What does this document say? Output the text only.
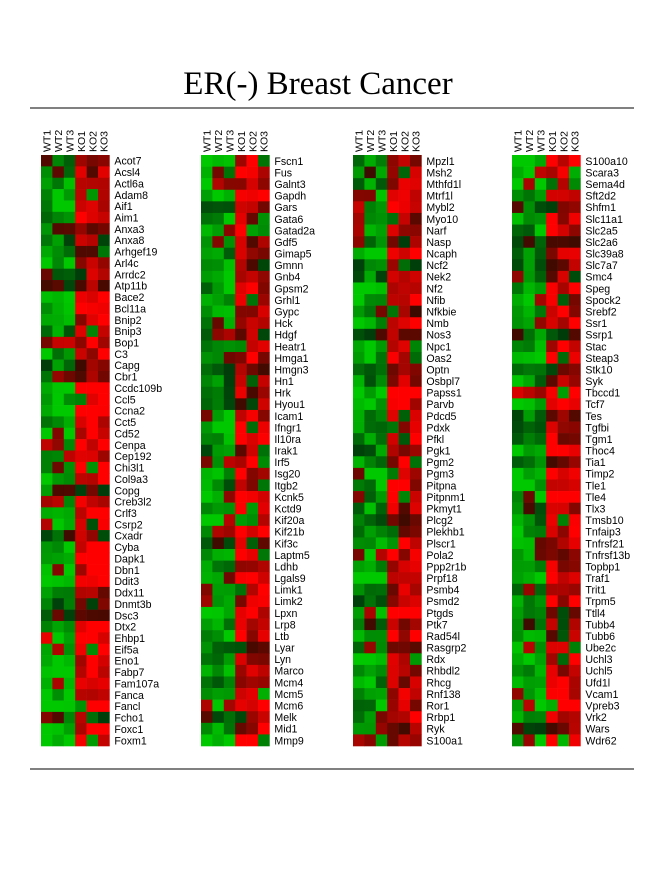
ER(-) Breast Cancer
WT1 WT2 WT3 KO1 KO2 KO3
Acot7
Acsl4
Actl6a
Adam8
Aif1
Aim1
Anxa3
Anxa8
Arhgef19
Arl4c
Arrdc2
Atp11b
Bace2
Bcl11a
Bnip2
Bnip3
Bop1
C3
Capg
Cbr1
Ccdc109b
Ccl5
Ccna2
Cct5
Cd52
Cenpa
Cep192
Chi3l1
Col9a3
Copg
Creb3l2
Crlf3
Csrp2
Cxadr
Cyba
Dapk1
Dbn1
Ddit3
Ddx11
Dnmt3b
Dsc3
Dtx2
Ehbp1
Eif5a
Eno1
Fabp7
Fam107a
Fanca
Fancl
Fcho1
Foxc1
Foxm1
WT1 WT2 WT3 KO1 KO2 KO3
Fscn1
Fus
Galnt3
Gapdh
Gars
Gata6
Gatad2a
Gdf5
Gimap5
Gmnn
Gnb4
Gpsm2
Grhl1
Gypc
Hck
Hdgf
Heatr1
Hmga1
Hmgn3
Hn1
Hrk
Hyou1
Icam1
Ifngr1
Il10ra
Irak1
Irf5
Isg20
Itgb2
Kcnk5
Kctd9
Kif20a
Kif21b
Kif3c
Laptm5
Ldhb
Lgals9
Limk1
Limk2
Lpxn
Lrp8
Ltb
Lyar
Lyn
Marco
Mcm4
Mcm5
Mcm6
Melk
Mid1
Mmp9
WT1 WT2 WT3 KO1 KO2 KO3
Mpzl1
Msh2
Mthfd1l
Mtrf1l
Mybl2
Myo10
Narf
Nasp
Ncaph
Ncf2
Nek2
Nf2
Nfib
Nfkbie
Nmb
Nos3
Npc1
Oas2
Optn
Osbpl7
Papss1
Parvb
Pdcd5
Pdxk
Pfkl
Pgk1
Pgm2
Pgm3
Pitpna
Pitpnm1
Pkmyt1
Plcg2
Plekhb1
Plscr1
Pola2
Ppp2r1b
Prpf18
Psmb4
Psmd2
Ptgds
Ptk7
Rad54l
Rasgrp2
Rdx
Rhbdl2
Rhcg
Rnf138
Ror1
Rrbp1
Ryk
S100a1
WT1 WT2 WT3 KO1 KO2 KO3
S100a10
Scara3
Sema4d
Sft2d2
Shfm1
Slc11a1
Slc2a5
Slc2a6
Slc39a8
Slc7a7
Smc4
Speg
Spock2
Srebf2
Ssr1
Ssrp1
Stac
Steap3
Stk10
Syk
Tbccd1
Tcf7
Tes
Tgfbi
Tgm1
Thoc4
Tia1
Timp2
Tle1
Tle4
Tlx3
Tmsb10
Tnfaip3
Tnfrsf21
Tnfrsf13b
Topbp1
Traf1
Trit1
Trpm5
Ttll4
Tubb4
Tubb6
Ube2c
Uchl3
Uchl5
Ufd1l
Vcam1
Vpreb3
Vrk2
Wars
Wdr62
